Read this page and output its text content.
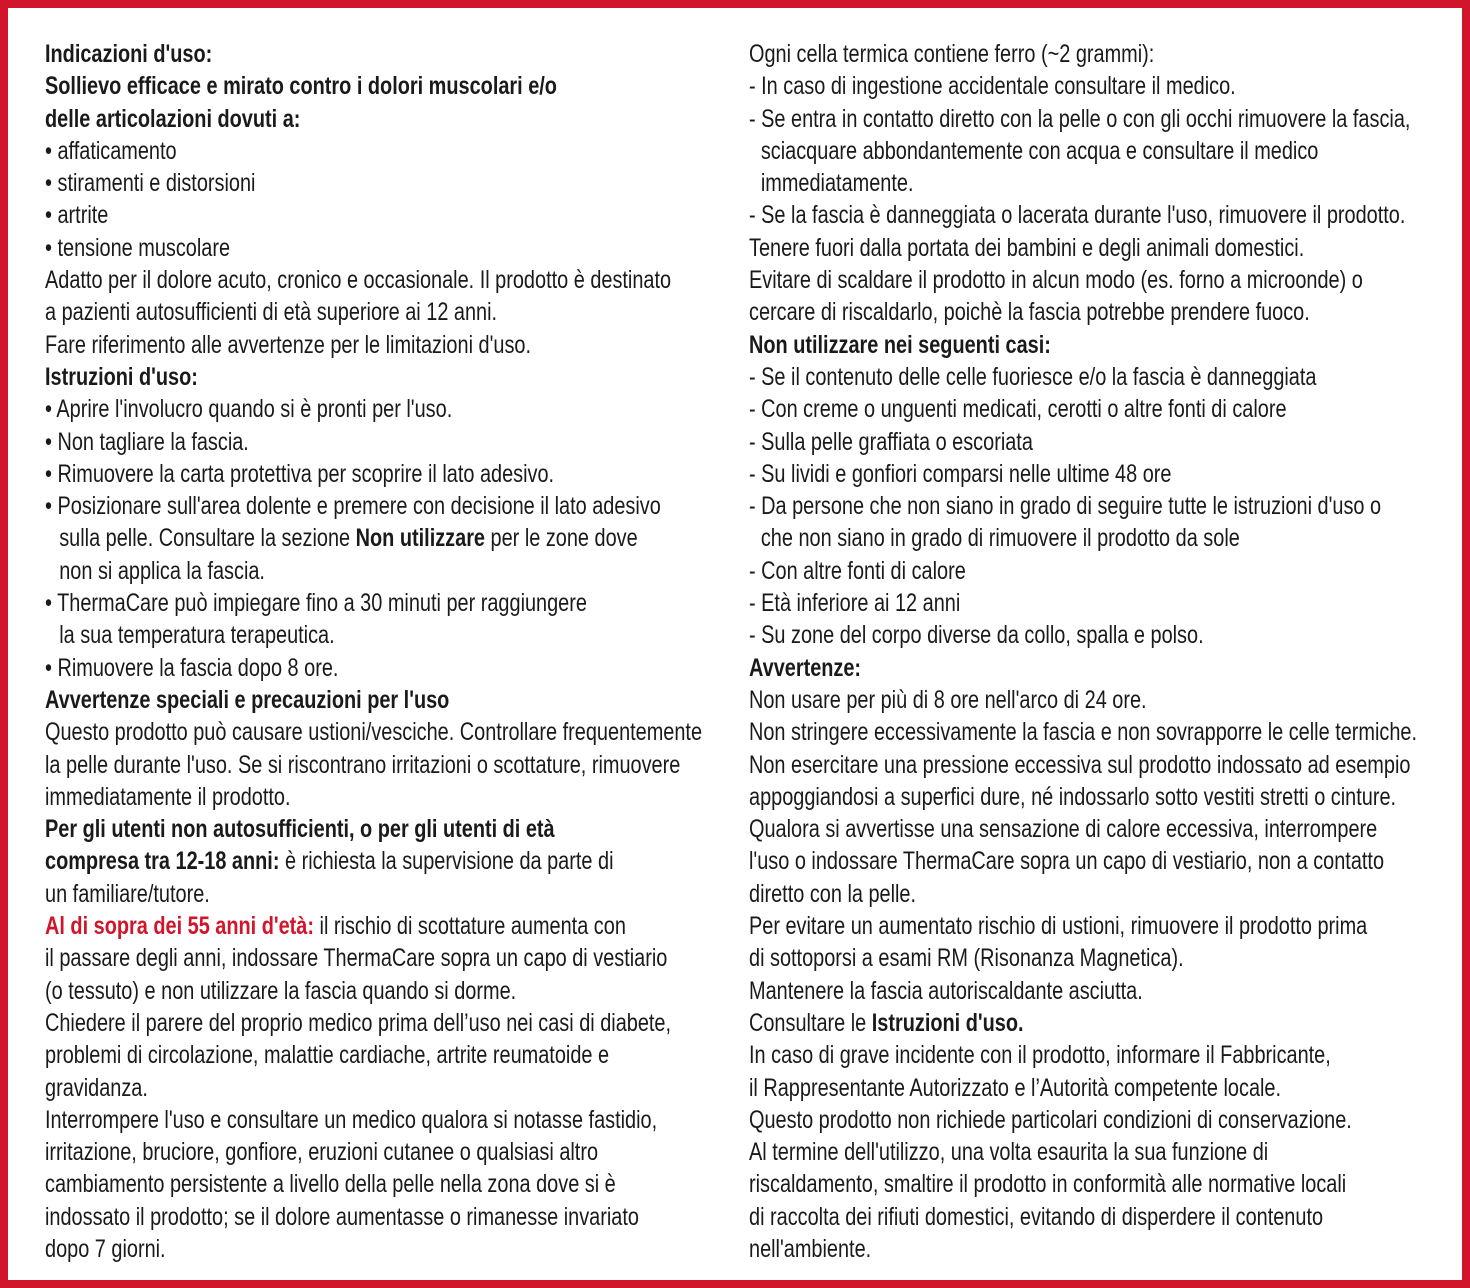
Indicazioni d'uso:
Sollievo efficace e mirato contro i dolori muscolari e/o
delle articolazioni dovuti a:
• affaticamento
• stiramenti e distorsioni
• artrite
• tensione muscolare
Adatto per il dolore acuto, cronico e occasionale. Il prodotto è destinato
a pazienti autosufficienti di età superiore ai 12 anni.
Fare riferimento alle avvertenze per le limitazioni d'uso.
Istruzioni d'uso:
• Aprire l'involucro quando si è pronti per l'uso.
• Non tagliare la fascia.
• Rimuovere la carta protettiva per scoprire il lato adesivo.
• Posizionare sull'area dolente e premere con decisione il lato adesivo
sulla pelle. Consultare la sezione Non utilizzare per le zone dove
non si applica la fascia.
• ThermaCare può impiegare fino a 30 minuti per raggiungere
la sua temperatura terapeutica.
• Rimuovere la fascia dopo 8 ore.
Avvertenze speciali e precauzioni per l'uso
Questo prodotto può causare ustioni/vesciche. Controllare frequentemente
la pelle durante l'uso. Se si riscontrano irritazioni o scottature, rimuovere
immediatamente il prodotto.
Per gli utenti non autosufficienti, o per gli utenti di età
compresa tra 12-18 anni: è richiesta la supervisione da parte di
un familiare/tutore.
Al di sopra dei 55 anni d'età: il rischio di scottature aumenta con
il passare degli anni, indossare ThermaCare sopra un capo di vestiario
(o tessuto) e non utilizzare la fascia quando si dorme.
Chiedere il parere del proprio medico prima dell’uso nei casi di diabete,
problemi di circolazione, malattie cardiache, artrite reumatoide e
gravidanza.
Interrompere l'uso e consultare un medico qualora si notasse fastidio,
irritazione, bruciore, gonfiore, eruzioni cutanee o qualsiasi altro
cambiamento persistente a livello della pelle nella zona dove si è
indossato il prodotto; se il dolore aumentasse o rimanesse invariato
dopo 7 giorni.
Ogni cella termica contiene ferro (~2 grammi):
- In caso di ingestione accidentale consultare il medico.
- Se entra in contatto diretto con la pelle o con gli occhi rimuovere la fascia,
sciacquare abbondantemente con acqua e consultare il medico
immediatamente.
- Se la fascia è danneggiata o lacerata durante l'uso, rimuovere il prodotto.
Tenere fuori dalla portata dei bambini e degli animali domestici.
Evitare di scaldare il prodotto in alcun modo (es. forno a microonde) o
cercare di riscaldarlo, poichè la fascia potrebbe prendere fuoco.
Non utilizzare nei seguenti casi:
- Se il contenuto delle celle fuoriesce e/o la fascia è danneggiata
- Con creme o unguenti medicati, cerotti o altre fonti di calore
- Sulla pelle graffiata o escoriata
- Su lividi e gonfiori comparsi nelle ultime 48 ore
- Da persone che non siano in grado di seguire tutte le istruzioni d'uso o
che non siano in grado di rimuovere il prodotto da sole
- Con altre fonti di calore
- Età inferiore ai 12 anni
- Su zone del corpo diverse da collo, spalla e polso.
Avvertenze:
Non usare per più di 8 ore nell'arco di 24 ore.
Non stringere eccessivamente la fascia e non sovrapporre le celle termiche.
Non esercitare una pressione eccessiva sul prodotto indossato ad esempio
appoggiandosi a superfici dure, né indossarlo sotto vestiti stretti o cinture.
Qualora si avvertisse una sensazione di calore eccessiva, interrompere
l'uso o indossare ThermaCare sopra un capo di vestiario, non a contatto
diretto con la pelle.
Per evitare un aumentato rischio di ustioni, rimuovere il prodotto prima
di sottoporsi a esami RM (Risonanza Magnetica).
Mantenere la fascia autoriscaldante asciutta.
Consultare le Istruzioni d'uso.
In caso di grave incidente con il prodotto, informare il Fabbricante,
il Rappresentante Autorizzato e l’Autorità competente locale.
Questo prodotto non richiede particolari condizioni di conservazione.
Al termine dell'utilizzo, una volta esaurita la sua funzione di
riscaldamento, smaltire il prodotto in conformità alle normative locali
di raccolta dei rifiuti domestici, evitando di disperdere il contenuto
nell'ambiente.
